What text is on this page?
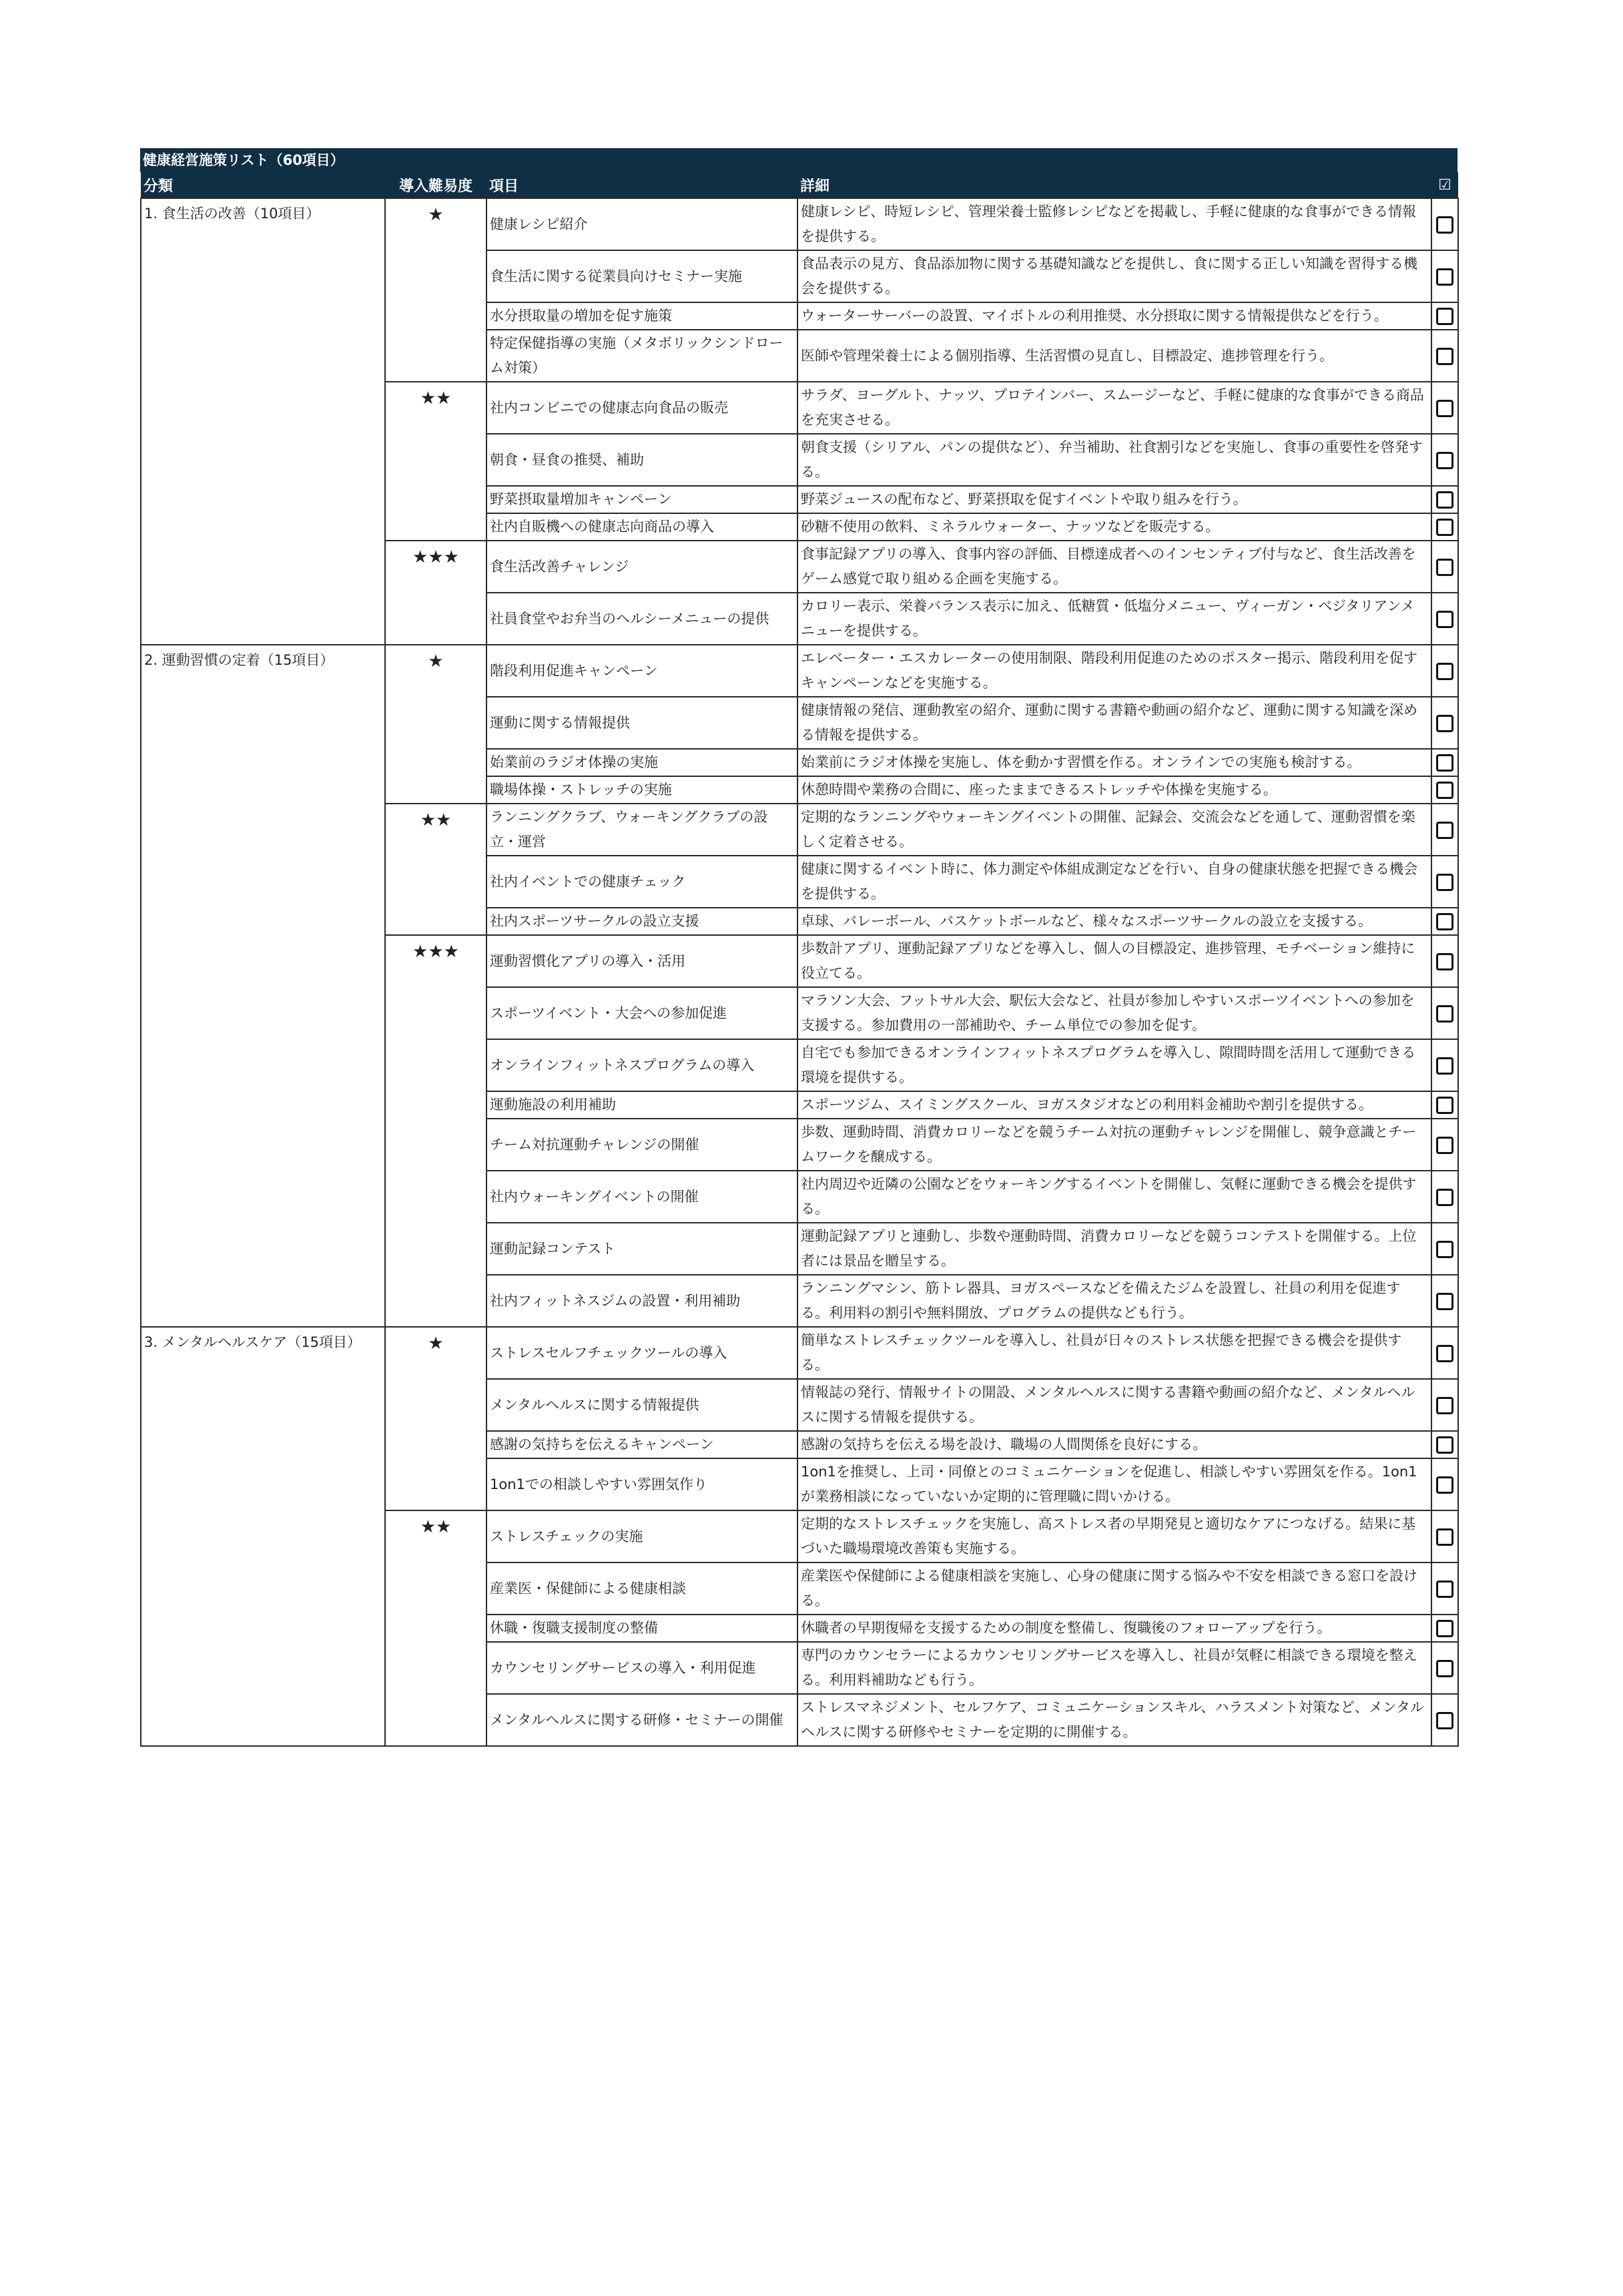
健康経営施策リスト（60項目）
分類	導入難易度	項目	詳細	☑
1. 食生活の改善（10項目）	★	健康レシピ紹介	健康レシピ、時短レシピ、管理栄養士監修レシピなどを掲載し、手軽に健康的な食事ができる情報を提供する。	
		食生活に関する従業員向けセミナー実施	食品表示の見方、食品添加物に関する基礎知識などを提供し、食に関する正しい知識を習得する機会を提供する。	
		水分摂取量の増加を促す施策	ウォーターサーバーの設置、マイボトルの利用推奨、水分摂取に関する情報提供などを行う。	
		特定保健指導の実施（メタボリックシンドローム対策）	医師や管理栄養士による個別指導、生活習慣の見直し、目標設定、進捗管理を行う。	
	★★	社内コンビニでの健康志向食品の販売	サラダ、ヨーグルト、ナッツ、プロテインバー、スムージーなど、手軽に健康的な食事ができる商品を充実させる。	
		朝食・昼食の推奨、補助	朝食支援（シリアル、パンの提供など）、弁当補助、社食割引などを実施し、食事の重要性を啓発する。	
		野菜摂取量増加キャンペーン	野菜ジュースの配布など、野菜摂取を促すイベントや取り組みを行う。	
		社内自販機への健康志向商品の導入	砂糖不使用の飲料、ミネラルウォーター、ナッツなどを販売する。	
	★★★	食生活改善チャレンジ	食事記録アプリの導入、食事内容の評価、目標達成者へのインセンティブ付与など、食生活改善をゲーム感覚で取り組める企画を実施する。	
		社員食堂やお弁当のヘルシーメニューの提供	カロリー表示、栄養バランス表示に加え、低糖質・低塩分メニュー、ヴィーガン・ベジタリアンメニューを提供する。	
2. 運動習慣の定着（15項目）	★	階段利用促進キャンペーン	エレベーター・エスカレーターの使用制限、階段利用促進のためのポスター掲示、階段利用を促すキャンペーンなどを実施する。	
		運動に関する情報提供	健康情報の発信、運動教室の紹介、運動に関する書籍や動画の紹介など、運動に関する知識を深める情報を提供する。	
		始業前のラジオ体操の実施	始業前にラジオ体操を実施し、体を動かす習慣を作る。オンラインでの実施も検討する。	
		職場体操・ストレッチの実施	休憩時間や業務の合間に、座ったままできるストレッチや体操を実施する。	
	★★	ランニングクラブ、ウォーキングクラブの設立・運営	定期的なランニングやウォーキングイベントの開催、記録会、交流会などを通して、運動習慣を楽しく定着させる。	
		社内イベントでの健康チェック	健康に関するイベント時に、体力測定や体組成測定などを行い、自身の健康状態を把握できる機会を提供する。	
		社内スポーツサークルの設立支援	卓球、バレーボール、バスケットボールなど、様々なスポーツサークルの設立を支援する。	
	★★★	運動習慣化アプリの導入・活用	歩数計アプリ、運動記録アプリなどを導入し、個人の目標設定、進捗管理、モチベーション維持に役立てる。	
		スポーツイベント・大会への参加促進	マラソン大会、フットサル大会、駅伝大会など、社員が参加しやすいスポーツイベントへの参加を支援する。参加費用の一部補助や、チーム単位での参加を促す。	
		オンラインフィットネスプログラムの導入	自宅でも参加できるオンラインフィットネスプログラムを導入し、隙間時間を活用して運動できる環境を提供する。	
		運動施設の利用補助	スポーツジム、スイミングスクール、ヨガスタジオなどの利用料金補助や割引を提供する。	
		チーム対抗運動チャレンジの開催	歩数、運動時間、消費カロリーなどを競うチーム対抗の運動チャレンジを開催し、競争意識とチームワークを醸成する。	
		社内ウォーキングイベントの開催	社内周辺や近隣の公園などをウォーキングするイベントを開催し、気軽に運動できる機会を提供する。	
		運動記録コンテスト	運動記録アプリと連動し、歩数や運動時間、消費カロリーなどを競うコンテストを開催する。上位者には景品を贈呈する。	
		社内フィットネスジムの設置・利用補助	ランニングマシン、筋トレ器具、ヨガスペースなどを備えたジムを設置し、社員の利用を促進する。利用料の割引や無料開放、プログラムの提供なども行う。	
3. メンタルヘルスケア（15項目）	★	ストレスセルフチェックツールの導入	簡単なストレスチェックツールを導入し、社員が日々のストレス状態を把握できる機会を提供する。	
		メンタルヘルスに関する情報提供	情報誌の発行、情報サイトの開設、メンタルヘルスに関する書籍や動画の紹介など、メンタルヘルスに関する情報を提供する。	
		感謝の気持ちを伝えるキャンペーン	感謝の気持ちを伝える場を設け、職場の人間関係を良好にする。	
		1on1での相談しやすい雰囲気作り	1on1を推奨し、上司・同僚とのコミュニケーションを促進し、相談しやすい雰囲気を作る。1on1が業務相談になっていないか定期的に管理職に問いかける。	
	★★	ストレスチェックの実施	定期的なストレスチェックを実施し、高ストレス者の早期発見と適切なケアにつなげる。結果に基づいた職場環境改善策も実施する。	
		産業医・保健師による健康相談	産業医や保健師による健康相談を実施し、心身の健康に関する悩みや不安を相談できる窓口を設ける。	
		休職・復職支援制度の整備	休職者の早期復帰を支援するための制度を整備し、復職後のフォローアップを行う。	
		カウンセリングサービスの導入・利用促進	専門のカウンセラーによるカウンセリングサービスを導入し、社員が気軽に相談できる環境を整える。利用料補助なども行う。	
		メンタルヘルスに関する研修・セミナーの開催	ストレスマネジメント、セルフケア、コミュニケーションスキル、ハラスメント対策など、メンタルヘルスに関する研修やセミナーを定期的に開催する。	
